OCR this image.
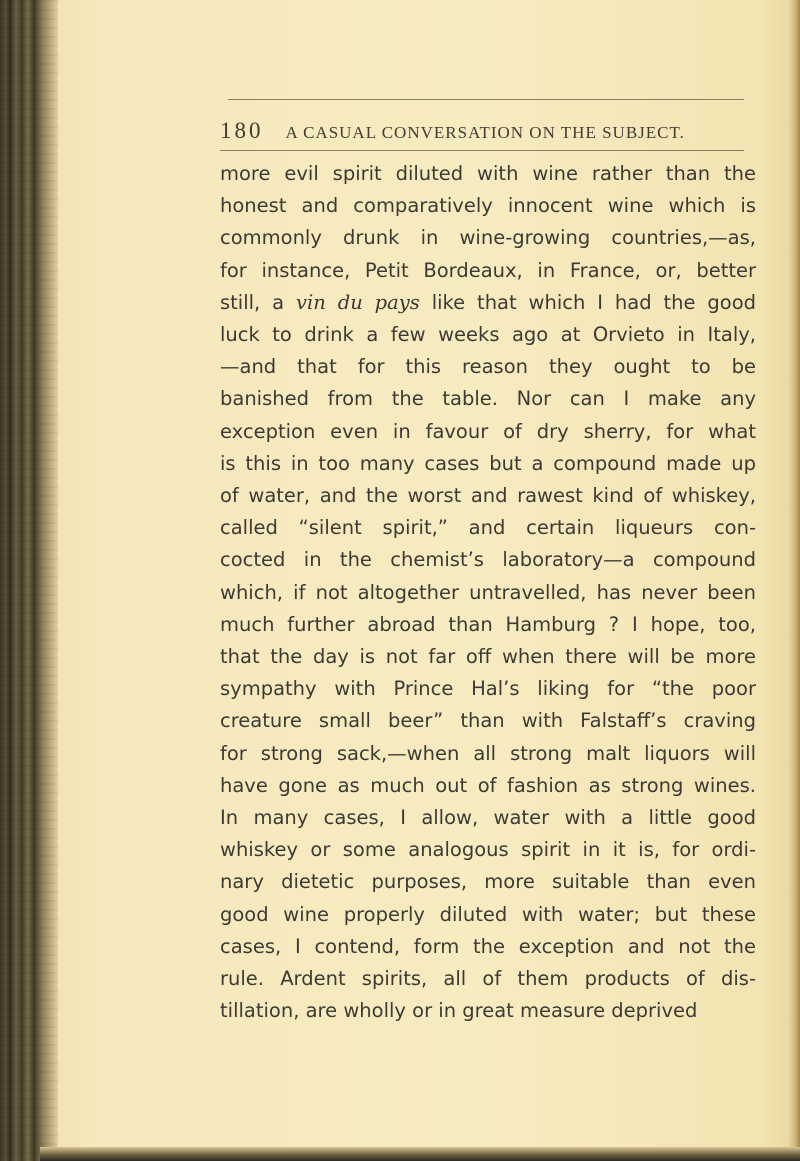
180 A CASUAL CONVERSATION ON THE SUBJECT.
more evil spirit diluted with wine rather than the
honest and comparatively innocent wine which is
commonly drunk in wine-growing countries,—as,
for instance, Petit Bordeaux, in France, or, better
still, a vin du pays like that which I had the good
luck to drink a few weeks ago at Orvieto in Italy,
—and that for this reason they ought to be
banished from the table. Nor can I make any
exception even in favour of dry sherry, for what
is this in too many cases but a compound made up
of water, and the worst and rawest kind of whiskey,
called “silent spirit,” and certain liqueurs con-
cocted in the chemist’s laboratory—a compound
which, if not altogether untravelled, has never been
much further abroad than Hamburg ? I hope, too,
that the day is not far off when there will be more
sympathy with Prince Hal’s liking for “the poor
creature small beer” than with Falstaff’s craving
for strong sack,—when all strong malt liquors will
have gone as much out of fashion as strong wines.
In many cases, I allow, water with a little good
whiskey or some analogous spirit in it is, for ordi-
nary dietetic purposes, more suitable than even
good wine properly diluted with water; but these
cases, I contend, form the exception and not the
rule. Ardent spirits, all of them products of dis-
tillation, are wholly or in great measure deprived
